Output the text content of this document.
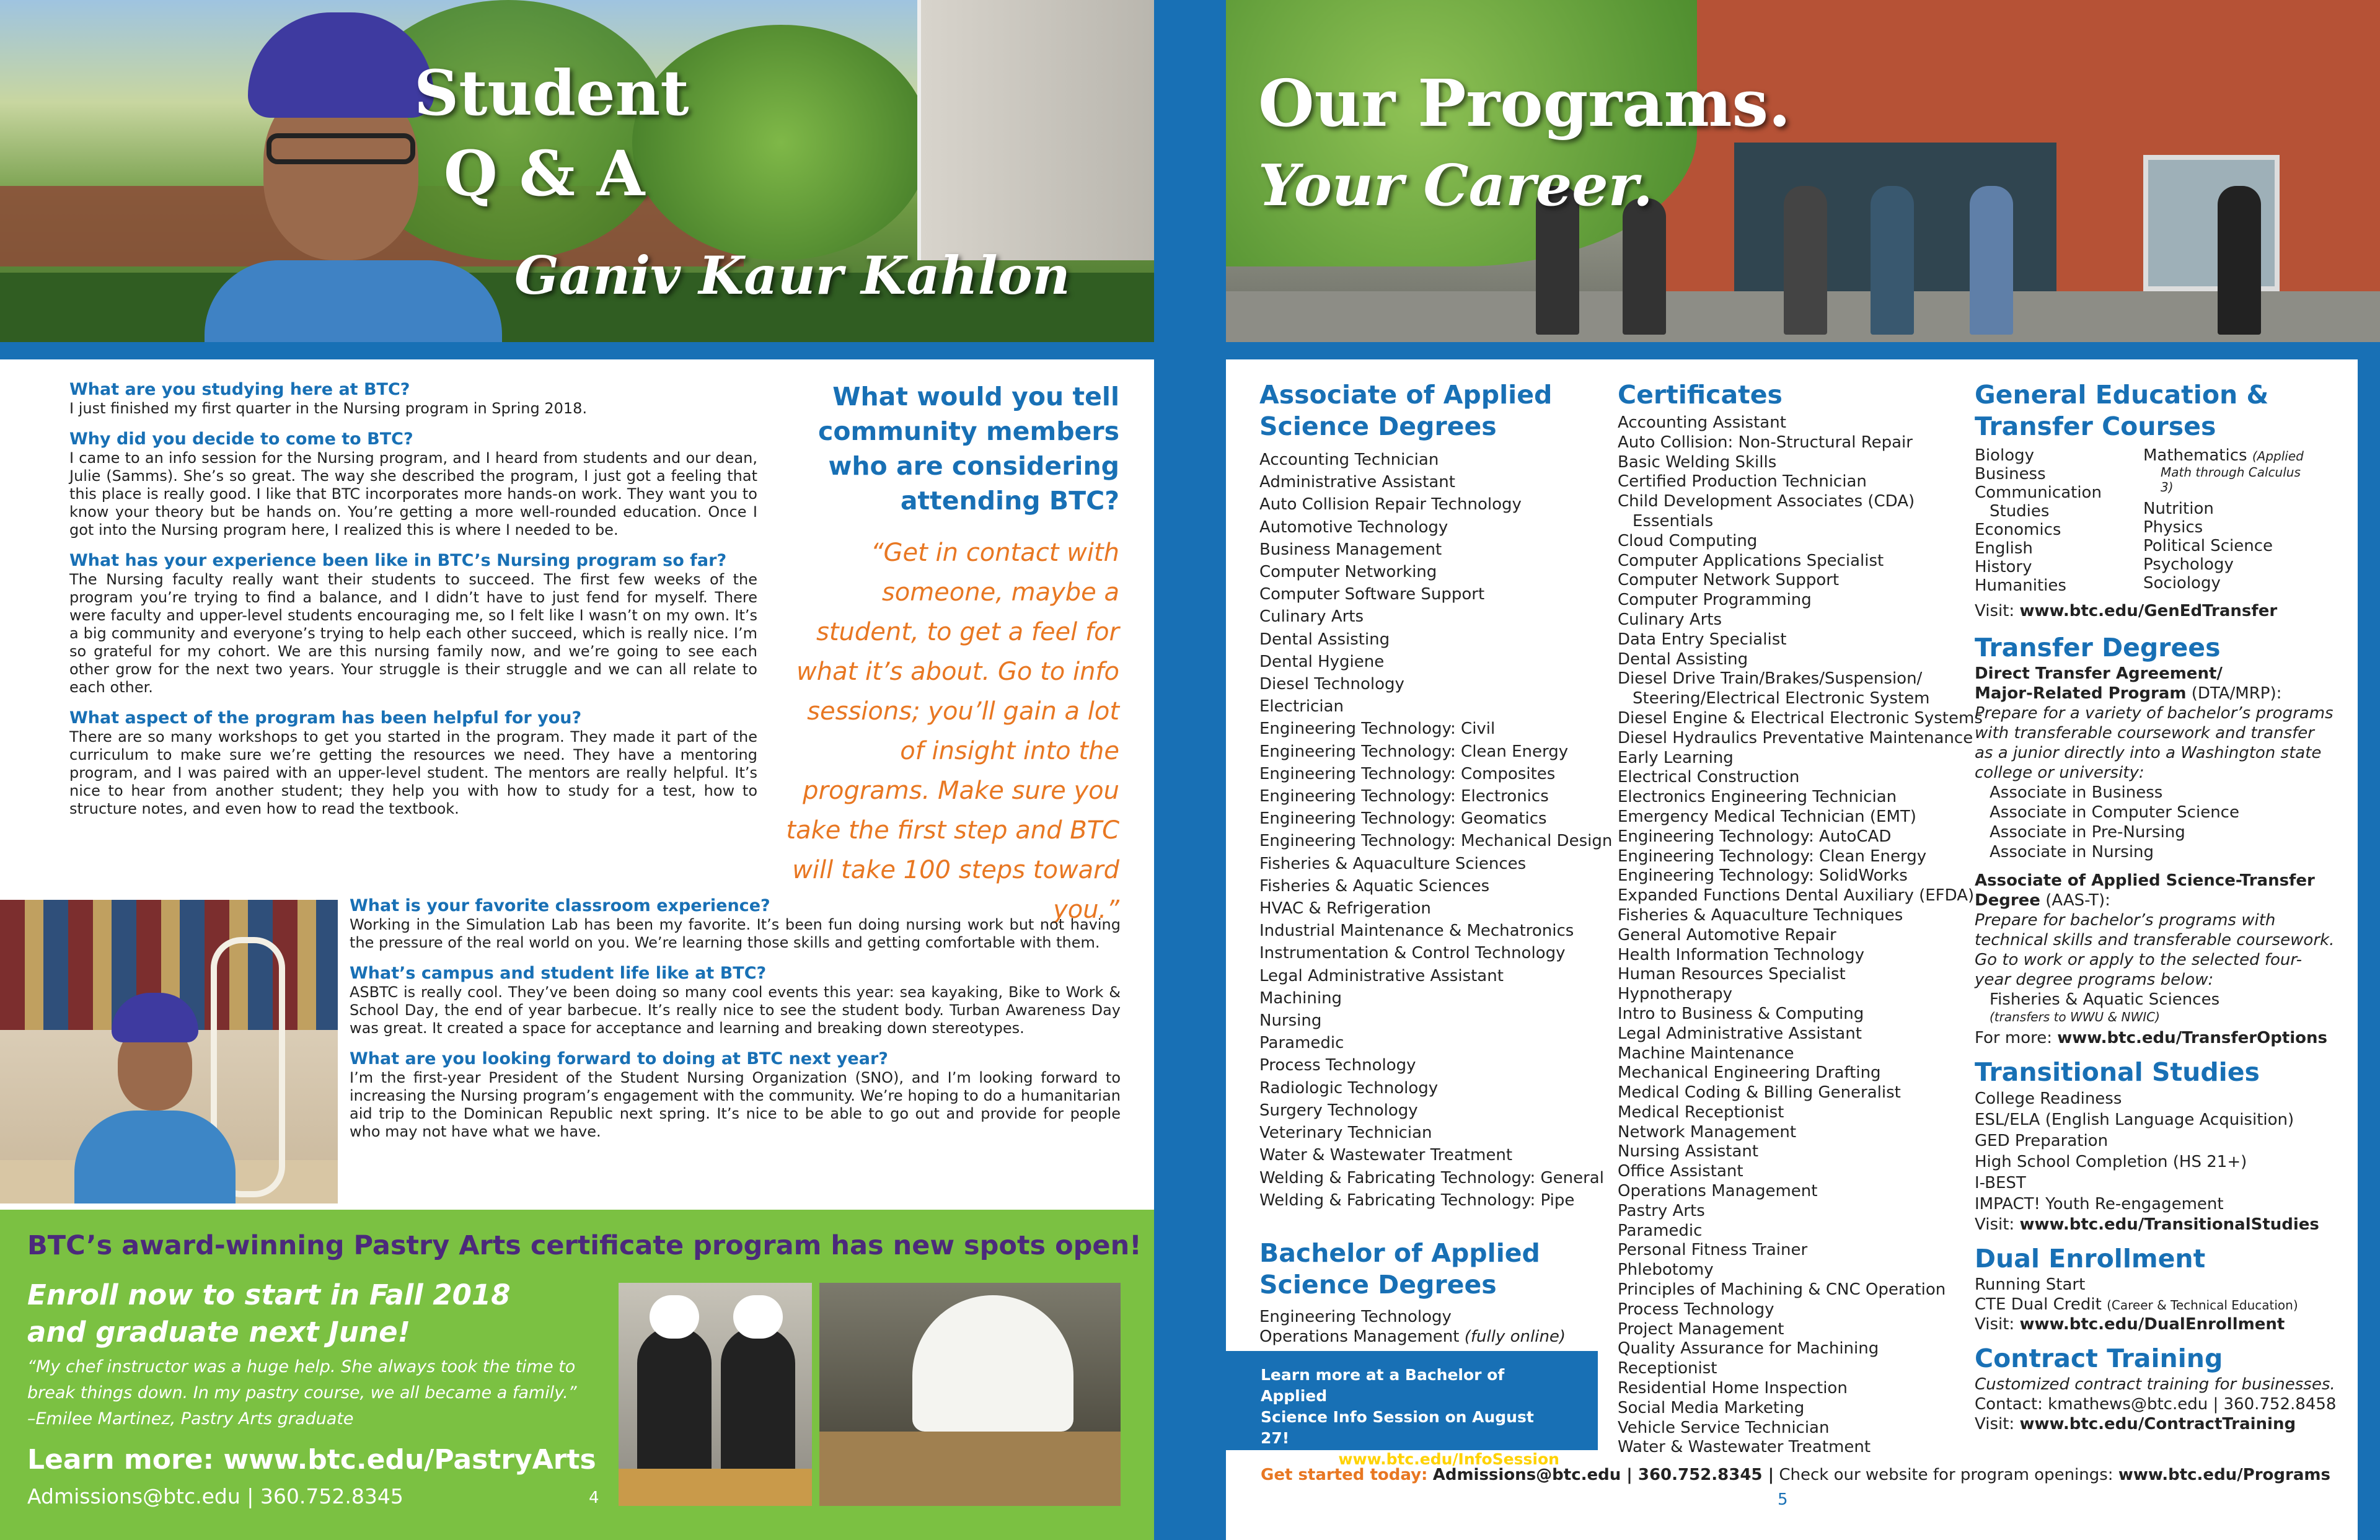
Student
Q & A
Ganiv Kaur Kahlon
Our Programs.
Your Career.
What are you studying here at BTC?

I just finished my first quarter in the Nursing program in Spring 2018.

Why did you decide to come to BTC?

I came to an info session for the Nursing program, and I heard from students and our dean, Julie (Samms). She’s so great. The way she described the program, I just got a feeling that this place is really good. I like that BTC incorporates more hands-on work. They want you to know your theory but be hands on. You’re getting a more well-rounded education. Once I got into the Nursing program here, I realized this is where I needed to be.

What has your experience been like in BTC’s Nursing program so far?

The Nursing faculty really want their students to succeed. The first few weeks of the program you’re trying to find a balance, and I didn’t have to just fend for myself. There were faculty and upper-level students encouraging me, so I felt like I wasn’t on my own. It’s a big community and everyone’s trying to help each other succeed, which is really nice. I’m so grateful for my cohort. We are this nursing family now, and we’re going to see each other grow for the next two years. Your struggle is their struggle and we can all relate to each other.

What aspect of the program has been helpful for you?

There are so many workshops to get you started in the program. They made it part of the curriculum to make sure we’re getting the resources we need. They have a mentoring program, and I was paired with an upper-level student. The mentors are really helpful. It’s nice to hear from another student; they help you with how to study for a test, how to structure notes, and even how to read the textbook.

What would you tell community members who are considering attending BTC?
“Get in contact with someone, maybe a student, to get a feel for what it’s about. Go to info sessions; you’ll gain a lot of insight into the programs. Make sure you take the first step and BTC will take 100 steps toward you.”
What is your favorite classroom experience?

Working in the Simulation Lab has been my favorite. It’s been fun doing nursing work but not having the pressure of the real world on you. We’re learning those skills and getting comfortable with them.

What’s campus and student life like at BTC?

ASBTC is really cool. They’ve been doing so many cool events this year: sea kayaking, Bike to Work & School Day, the end of year barbecue. It’s really nice to see the student body. Turban Awareness Day was great. It created a space for acceptance and learning and breaking down stereotypes.

What are you looking forward to doing at BTC next year?

I’m the first-year President of the Student Nursing Organization (SNO), and I’m looking forward to increasing the Nursing program’s engagement with the community. We’re hoping to do a humanitarian aid trip to the Dominican Republic next spring. It’s nice to be able to go out and provide for people who may not have what we have.

BTC’s award-winning Pastry Arts certificate program has new spots open!
Enroll now to start in Fall 2018
and graduate next June!
“My chef instructor was a huge help. She always took the time to break things down. In my pastry course, we all became a family.” –Emilee Martinez, Pastry Arts graduate
Learn more: www.btc.edu/PastryArts
Admissions@btc.edu | 360.752.8345	4
Associate of Applied
Science Degrees
Accounting Technician
Administrative Assistant
Auto Collision Repair Technology
Automotive Technology
Business Management
Computer Networking
Computer Software Support
Culinary Arts
Dental Assisting
Dental Hygiene
Diesel Technology
Electrician
Engineering Technology: Civil
Engineering Technology: Clean Energy
Engineering Technology: Composites
Engineering Technology: Electronics
Engineering Technology: Geomatics
Engineering Technology: Mechanical Design
Fisheries & Aquaculture Sciences
Fisheries & Aquatic Sciences
HVAC & Refrigeration
Industrial Maintenance & Mechatronics
Instrumentation & Control Technology
Legal Administrative Assistant
Machining
Nursing
Paramedic
Process Technology
Radiologic Technology
Surgery Technology
Veterinary Technician
Water & Wastewater Treatment
Welding & Fabricating Technology: General
Welding & Fabricating Technology: Pipe
Bachelor of Applied
Science Degrees
Engineering Technology
Operations Management (fully online)
Learn more at a Bachelor of Applied
Science Info Session on August 27!
Sign up: www.btc.edu/InfoSession
Certificates
Accounting Assistant
Auto Collision: Non-Structural Repair
Basic Welding Skills
Certified Production Technician
Child Development Associates (CDA)
Essentials
Cloud Computing
Computer Applications Specialist
Computer Network Support
Computer Programming
Culinary Arts
Data Entry Specialist
Dental Assisting
Diesel Drive Train/Brakes/Suspension/
Steering/Electrical Electronic System
Diesel Engine & Electrical Electronic Systems
Diesel Hydraulics Preventative Maintenance
Early Learning
Electrical Construction
Electronics Engineering Technician
Emergency Medical Technician (EMT)
Engineering Technology: AutoCAD
Engineering Technology: Clean Energy
Engineering Technology: SolidWorks
Expanded Functions Dental Auxiliary (EFDA)
Fisheries & Aquaculture Techniques
General Automotive Repair
Health Information Technology
Human Resources Specialist
Hypnotherapy
Intro to Business & Computing
Legal Administrative Assistant
Machine Maintenance
Mechanical Engineering Drafting
Medical Coding & Billing Generalist
Medical Receptionist
Network Management
Nursing Assistant
Office Assistant
Operations Management
Pastry Arts
Paramedic
Personal Fitness Trainer
Phlebotomy
Principles of Machining & CNC Operation
Process Technology
Project Management
Quality Assurance for Machining
Receptionist
Residential Home Inspection
Social Media Marketing
Vehicle Service Technician
Water & Wastewater Treatment
General Education &
Transfer Courses
Biology
Business
Communication
Studies
Economics
English
History
Humanities
Mathematics (Applied
Math through Calculus 3)
Nutrition
Physics
Political Science
Psychology
Sociology
Visit: www.btc.edu/GenEdTransfer
Transfer Degrees
Direct Transfer Agreement/
Major-Related Program (DTA/MRP):
Prepare for a variety of bachelor’s programs
with transferable coursework and transfer
as a junior directly into a Washington state
college or university:
Associate in Business
Associate in Computer Science
Associate in Pre-Nursing
Associate in Nursing
Associate of Applied Science-Transfer
Degree (AAS-T):
Prepare for bachelor’s programs with
technical skills and transferable coursework.
Go to work or apply to the selected four-
year degree programs below:
Fisheries & Aquatic Sciences
(transfers to WWU & NWIC)
For more: www.btc.edu/TransferOptions
Transitional Studies
College Readiness
ESL/ELA (English Language Acquisition)
GED Preparation
High School Completion (HS 21+)
I-BEST
IMPACT! Youth Re-engagement
Visit: www.btc.edu/TransitionalStudies
Dual Enrollment
Running Start
CTE Dual Credit (Career & Technical Education)
Visit: www.btc.edu/DualEnrollment
Contract Training
Customized contract training for businesses.
Contact: kmathews@btc.edu | 360.752.8458
Visit: www.btc.edu/ContractTraining
Get started today: Admissions@btc.edu | 360.752.8345 | Check our website for program openings: www.btc.edu/Programs
5
